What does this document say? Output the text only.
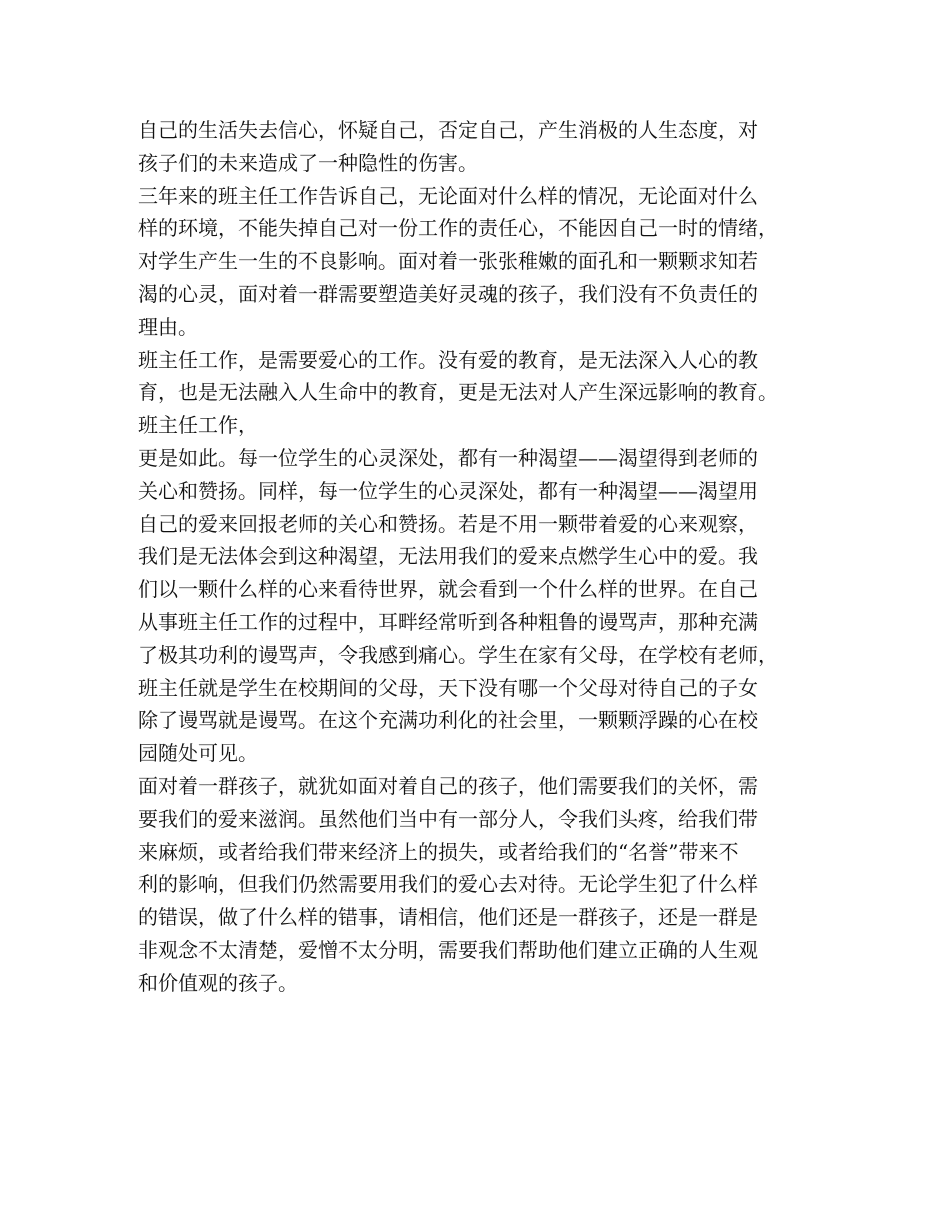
自己的生活失去信心，怀疑自己，否定自己，产生消极的人生态度，对
孩子们的未来造成了一种隐性的伤害。
三年来的班主任工作告诉自己，无论面对什么样的情况，无论面对什么
样的环境，不能失掉自己对一份工作的责任心，不能因自己一时的情绪，
对学生产生一生的不良影响。面对着一张张稚嫩的面孔和一颗颗求知若
渴的心灵，面对着一群需要塑造美好灵魂的孩子，我们没有不负责任的
理由。
班主任工作，是需要爱心的工作。没有爱的教育，是无法深入人心的教
育，也是无法融入人生命中的教育，更是无法对人产生深远影响的教育。
班主任工作，
更是如此。每一位学生的心灵深处，都有一种渴望——渴望得到老师的
关心和赞扬。同样，每一位学生的心灵深处，都有一种渴望——渴望用
自己的爱来回报老师的关心和赞扬。若是不用一颗带着爱的心来观察，
我们是无法体会到这种渴望，无法用我们的爱来点燃学生心中的爱。我
们以一颗什么样的心来看待世界，就会看到一个什么样的世界。在自己
从事班主任工作的过程中，耳畔经常听到各种粗鲁的谩骂声，那种充满
了极其功利的谩骂声，令我感到痛心。学生在家有父母，在学校有老师，
班主任就是学生在校期间的父母，天下没有哪一个父母对待自己的子女
除了谩骂就是谩骂。在这个充满功利化的社会里，一颗颗浮躁的心在校
园随处可见。
面对着一群孩子，就犹如面对着自己的孩子，他们需要我们的关怀，需
要我们的爱来滋润。虽然他们当中有一部分人，令我们头疼，给我们带
来麻烦，或者给我们带来经济上的损失，或者给我们的“名誉”带来不
利的影响，但我们仍然需要用我们的爱心去对待。无论学生犯了什么样
的错误，做了什么样的错事，请相信，他们还是一群孩子，还是一群是
非观念不太清楚，爱憎不太分明，需要我们帮助他们建立正确的人生观
和价值观的孩子。
